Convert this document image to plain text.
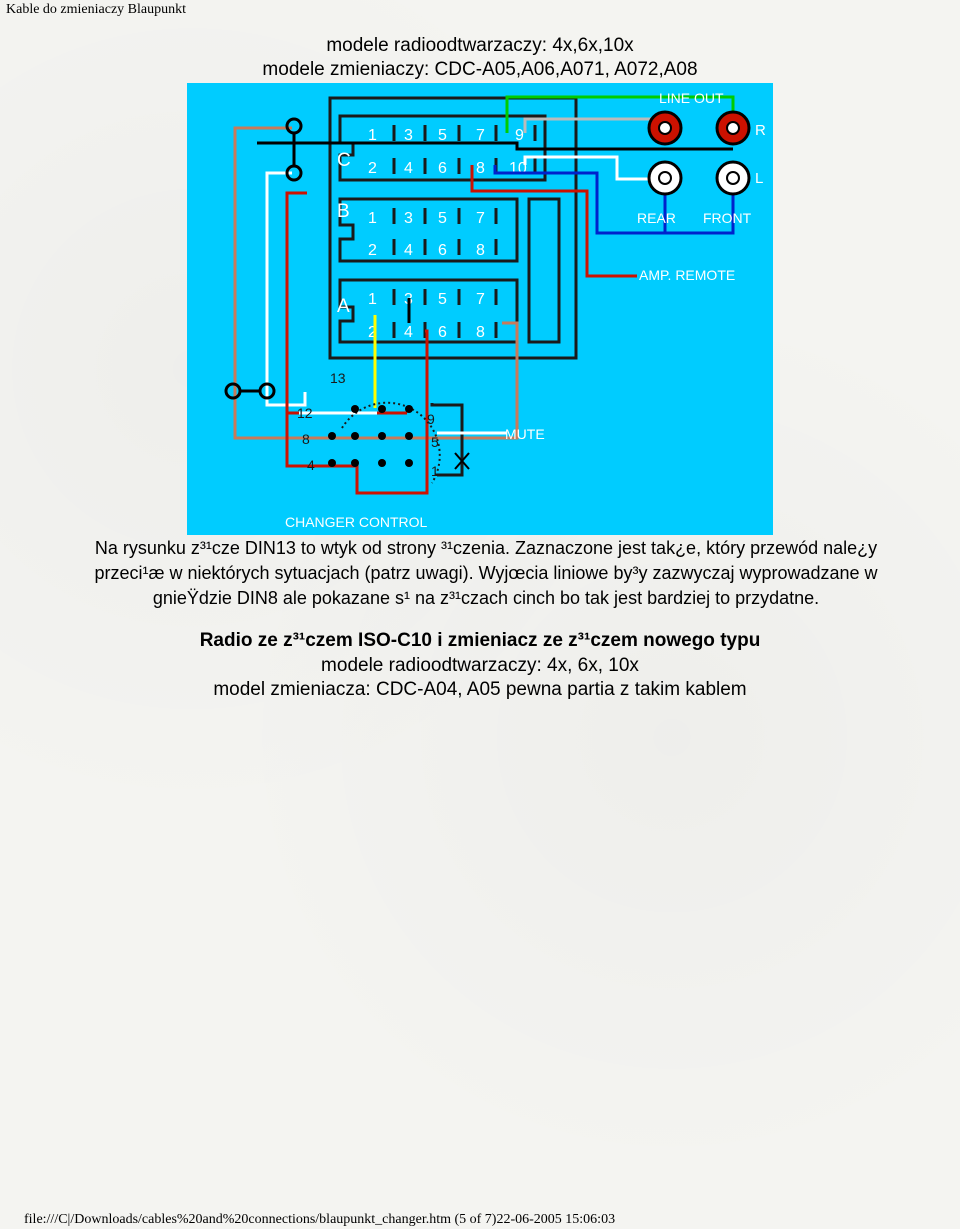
Kable do zmieniaczy Blaupunkt
modele radioodtwarzaczy: 4x,6x,10x
modele zmieniaczy: CDC-A05,A06,A071, A072,A08
C
B
A
1 3 5 7 9
2 4 6 8 10
1 3 5 7
2 4 6 8
1 3 5 7
2 4 6 8
13
12
8
4
9
5
1
LINE OUT
R
L
REAR FRONT
AMP. REMOTE
MUTE
CHANGER CONTROL
Na rysunku z³¹cze DIN13 to wtyk od strony ³¹czenia. Zaznaczone jest tak¿e, który przewód nale¿y
przeci¹æ w niektórych sytuacjach (patrz uwagi). Wyjœcia liniowe by³y zazwyczaj wyprowadzane w
gnieŸdzie DIN8 ale pokazane s¹ na z³¹czach cinch bo tak jest bardziej to przydatne.
Radio ze z³¹czem ISO-C10 i zmieniacz ze z³¹czem nowego typu
modele radioodtwarzaczy: 4x, 6x, 10x
model zmieniacza: CDC-A04, A05 pewna partia z takim kablem
file:///C|/Downloads/cables%20and%20connections/blaupunkt_changer.htm (5 of 7)22-06-2005 15:06:03
